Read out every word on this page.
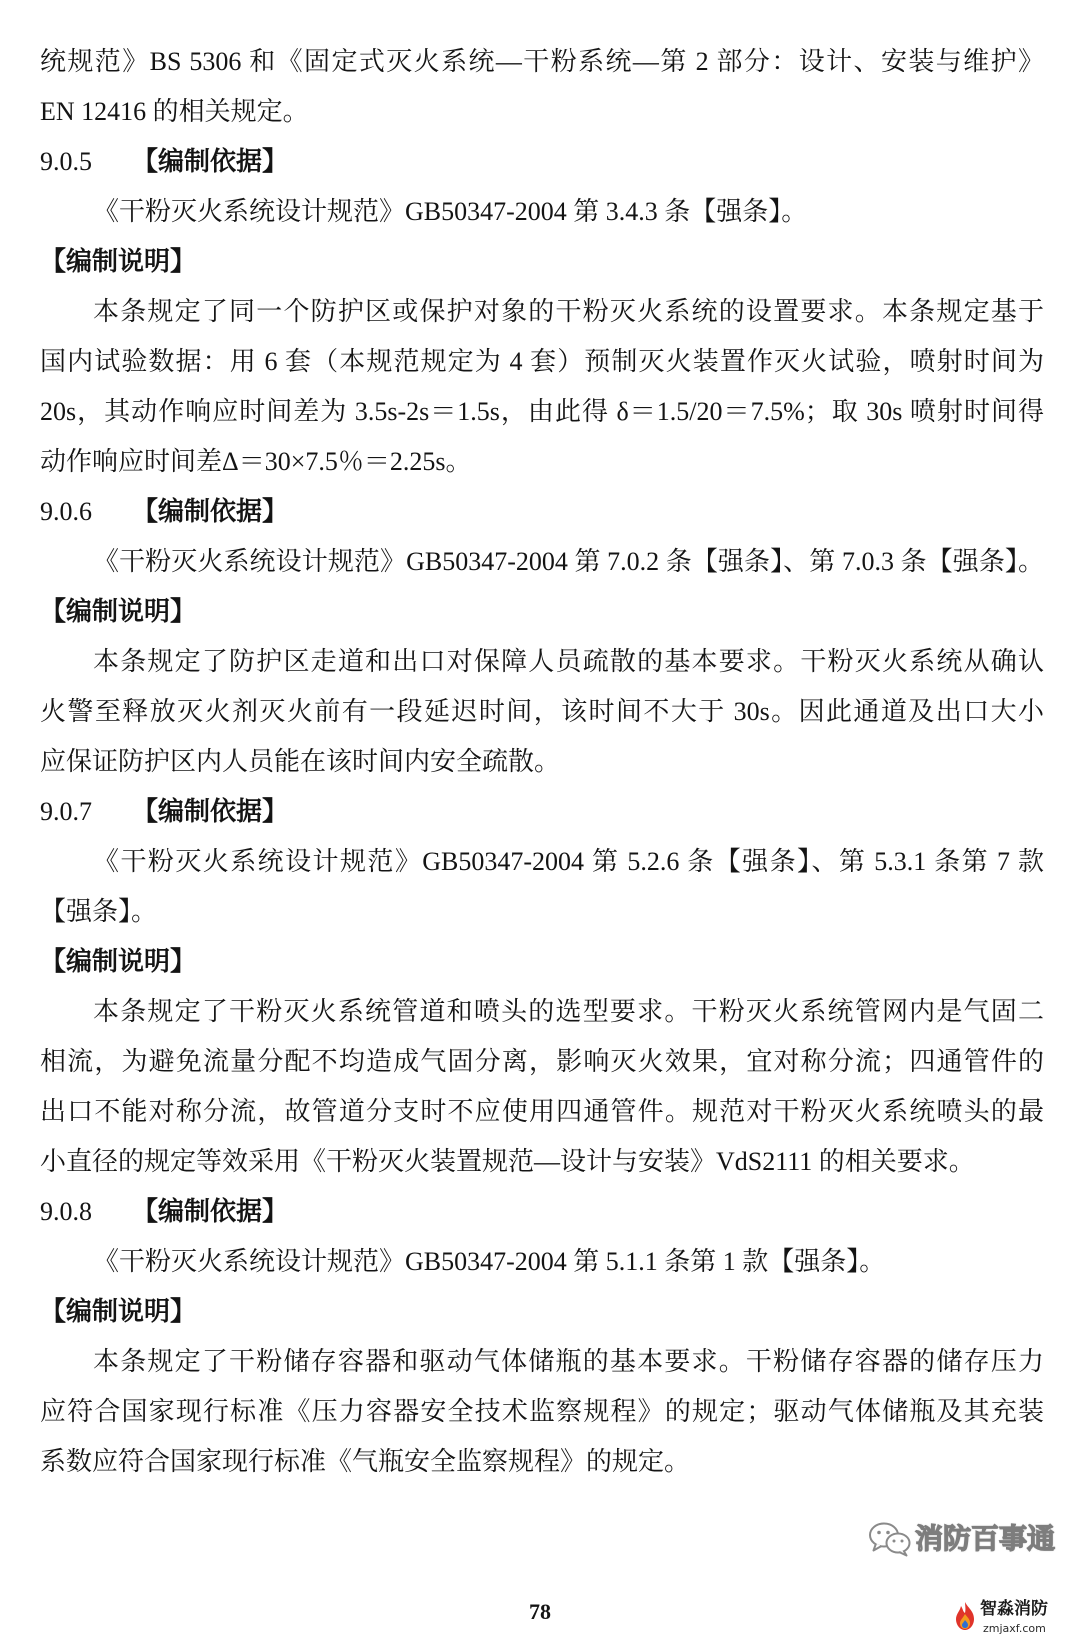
统规范》BS 5306 和《固定式灭火系统—干粉系统—第 2 部分：设计、安装与维护》
EN 12416 的相关规定。
9.0.5 【编制依据】
《干粉灭火系统设计规范》GB50347-2004 第 3.4.3 条【强条】。
【编制说明】
本条规定了同一个防护区或保护对象的干粉灭火系统的设置要求。本条规定基于
国内试验数据：用 6 套（本规范规定为 4 套）预制灭火装置作灭火试验，喷射时间为
20s，其动作响应时间差为 3.5s-2s＝1.5s，由此得 δ＝1.5/20＝7.5%；取 30s 喷射时间得
动作响应时间差Δ＝30×7.5％＝2.25s。
9.0.6 【编制依据】
《干粉灭火系统设计规范》GB50347-2004 第 7.0.2 条【强条】、第 7.0.3 条【强条】。
【编制说明】
本条规定了防护区走道和出口对保障人员疏散的基本要求。干粉灭火系统从确认
火警至释放灭火剂灭火前有一段延迟时间，该时间不大于 30s。因此通道及出口大小
应保证防护区内人员能在该时间内安全疏散。
9.0.7 【编制依据】
《干粉灭火系统设计规范》GB50347-2004 第 5.2.6 条【强条】、第 5.3.1 条第 7 款
【强条】。
【编制说明】
本条规定了干粉灭火系统管道和喷头的选型要求。干粉灭火系统管网内是气固二
相流，为避免流量分配不均造成气固分离，影响灭火效果，宜对称分流；四通管件的
出口不能对称分流，故管道分支时不应使用四通管件。规范对干粉灭火系统喷头的最
小直径的规定等效采用《干粉灭火装置规范—设计与安装》VdS2111 的相关要求。
9.0.8 【编制依据】
《干粉灭火系统设计规范》GB50347-2004 第 5.1.1 条第 1 款【强条】。
【编制说明】
本条规定了干粉储存容器和驱动气体储瓶的基本要求。干粉储存容器的储存压力
应符合国家现行标准《压力容器安全技术监察规程》的规定；驱动气体储瓶及其充装
系数应符合国家现行标准《气瓶安全监察规程》的规定。
消防百事通
78	智淼消防
zmjaxf.com
